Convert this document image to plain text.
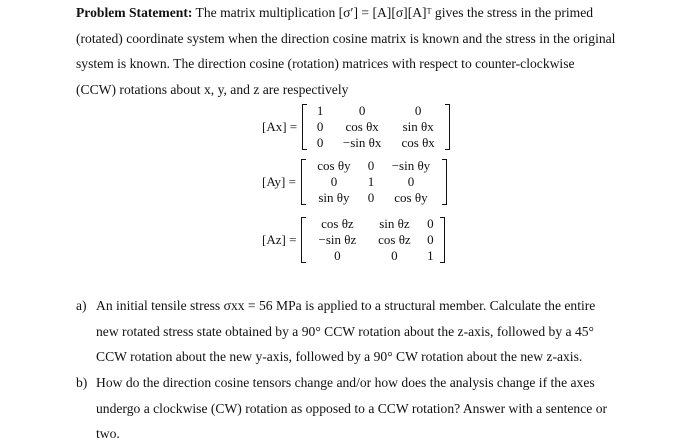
Problem Statement: The matrix multiplication [σ′] = [A][σ][A]ᵀ gives the stress in the primed
(rotated) coordinate system when the direction cosine matrix is known and the stress in the original
system is known. The direction cosine (rotation) matrices with respect to counter-clockwise
(CCW) rotations about x, y, and z are respectively
[Ax] =
1	0	0
0	cos θx	sin θx
0	−sin θx	cos θx
[Ay] =
cos θy	0	−sin θy
0	1	0
sin θy	0	cos θy
[Az] =
cos θz	sin θz	0
−sin θz	cos θz	0
0	0	1
a) An initial tensile stress σxx = 56 MPa is applied to a structural member. Calculate the entire
new rotated stress state obtained by a 90° CCW rotation about the z-axis, followed by a 45°
CCW rotation about the new y-axis, followed by a 90° CW rotation about the new z-axis.
b) How do the direction cosine tensors change and/or how does the analysis change if the axes
undergo a clockwise (CW) rotation as opposed to a CCW rotation? Answer with a sentence or
two.
